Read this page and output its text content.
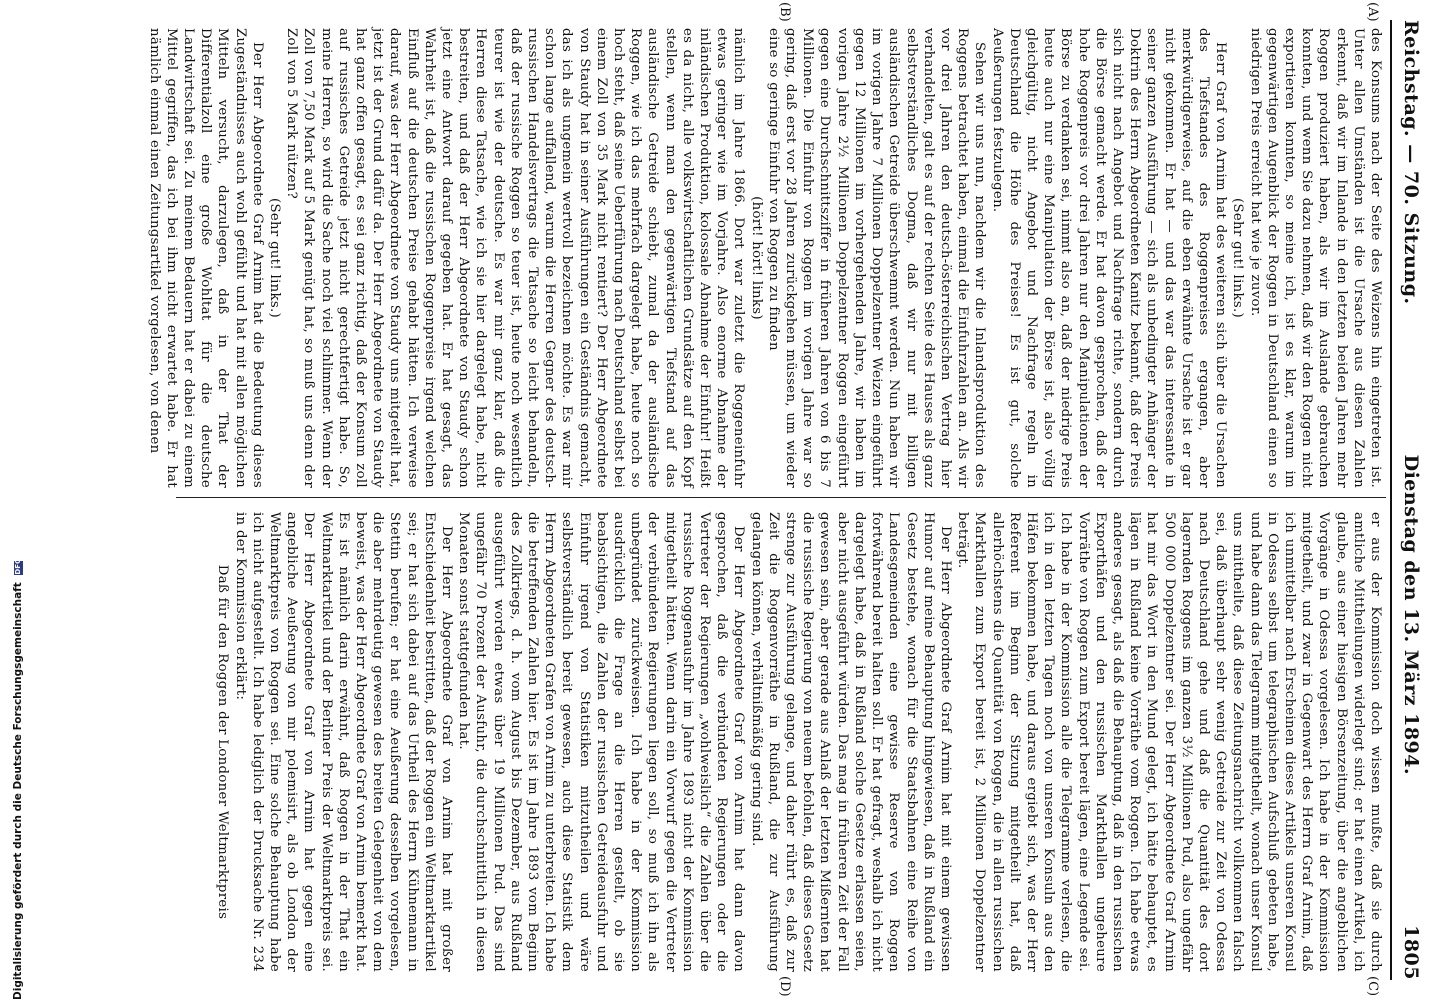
Digitalisierung gefördert durch die Deutsche Forschungsgemeinschaft DFG
Reichstag. — 70. Sitzung.
Dienstag den 13. März 1894.
1805
(A)
(B)
(C)
(D)

des Konsums nach der Seite des Weizens hin eingetreten ist. Unter allen Umständen ist die Ursache aus diesen Zahlen erkennt, daß wir im Inlande in den letzten beiden Jahren mehr Roggen produziert haben, als wir im Auslande gebrauchen konnten, und wenn Sie dazu nehmen, daß wir den Roggen nicht exportieren konnten, so meine ich, ist es klar, warum im gegenwärtigen Augenblick der Roggen in Deutschland einen so niedrigen Preis erreicht hat wie je zuvor.

(Sehr gut! links.)

Herr Graf von Arnim hat des weiteren sich über die Ursachen des Tiefstandes des Roggenpreises ergangen, aber merkwürdigerweise, auf die eben erwähnte Ursache ist er gar nicht gekommen. Er hat — und das war das interessante in seiner ganzen Ausführung — sich als unbedingter Anhänger der Doktrin des Herrn Abgeordneten Kanitz bekannt, daß der Preis sich nicht nach Angebot und Nachfrage richte, sondern durch die Börse gemacht werde. Er hat davon gesprochen, daß der hohe Roggenpreis vor drei Jahren nur den Manipulationen der Börse zu verdanken sei, nimmt also an, daß der niedrige Preis heute auch nur eine Manipulation der Börse ist, also völlig gleichgültig, nicht Angebot und Nachfrage regeln in Deutschland die Höhe des Preises! Es ist gut, solche Aeußerungen festzulegen.

Sehen wir uns nun, nachdem wir die Inlandsproduktion des Roggens betrachtet haben, einmal die Einfuhrzahlen an. Als wir vor drei Jahren den deutsch-österreichischen Vertrag hier verhandelten, galt es auf der rechten Seite des Hauses als ganz selbstverständliches Dogma, daß wir nur mit billigen ausländischen Getreide überschwemmt werden. Nun haben wir im vorigen Jahre 7 Millionen Doppelzentner Weizen eingeführt gegen 12 Millionen im vorhergehenden Jahre, wir haben im vorigen Jahre 2½ Millionen Doppelzentner Roggen eingeführt gegen eine Durchschnittsziffer in früheren Jahren von 6 bis 7 Millionen. Die Einfuhr von Roggen im vorigen Jahre war so gering, daß erst vor 28 Jahren zurückgehen müssen, um wieder eine so geringe Einfuhr von Roggen zu finden

(hört! hört! links)

nämlich im Jahre 1866. Dort war zuletzt die Roggeneinfuhr etwas geringer wie im Vorjahre. Also enorme Abnahme der inländischen Produktion, kolossale Abnahme der Einfuhr! Heißt es da nicht, alle volkswirtschaftlichen Grundsätze auf den Kopf stellen, wenn man den gegenwärtigen Tiefstand auf das ausländische Getreide schiebt, zumal da der ausländische Roggen, wie ich das mehrfach dargelegt habe, heute noch so hoch steht, daß seine Ueberführung nach Deutschland selbst bei einem Zoll von 35 Mark nicht rentiert? Der Herr Abgeordnete von Staudy hat in seiner Ausführungen ein Geständnis gemacht, das ich als ungemein wertvoll bezeichnen möchte. Es war mir schon lange auffallend, warum die Herren Gegner des deutsch-russischen Handelsvertrags die Tatsache so leicht behandeln, daß der russische Roggen so teuer ist, heute noch wesentlich teurer ist wie der deutsche. Es war mir ganz klar, daß die Herren diese Tatsache, wie ich sie hier dargelegt habe, nicht bestreiten, und daß der Herr Abgeordnete von Staudy schon jetzt eine Antwort darauf gegeben hat. Er hat gesagt, das Wahrheit ist, daß die russischen Roggenpreise irgend welchen Einfluß auf die deutschen Preise gehabt hätten. Ich verweise darauf, was der Herr Abgeordnete von Staudy uns mitgeteilt hat, jetzt ist der Grund dafür da. Der Herr Abgeordnete von Staudy hat ganz offen gesagt, es sei ganz richtig, daß der Konsum zoll auf russisches Getreide jetzt nicht gerechtfertigt habe. So, meine Herren, so wird die Sache noch viel schlimmer. Wenn der Zoll von 7,50 Mark auf 5 Mark genügt hat, so muß uns denn der Zoll von 5 Mark nützen?

(Sehr gut! links.)

Der Herr Abgeordnete Graf Arnim hat die Bedeutung dieses Zugeständnisses auch wohl gefühlt und hat mit allen möglichen Mitteln versucht, darzulegen, daß in der That der Differentialzoll eine große Wohltat für die deutsche Landwirtschaft sei. Zu meinem Bedauern hat er dabei zu einem Mittel gegriffen, das ich bei ihm nicht erwartet habe. Er hat nämlich einmal einen Zeitungsartikel vorgelesen, von denen

er aus der Kommission doch wissen mußte, daß sie durch amtliche Mittheilungen widerlegt sind; er hat einen Artikel, ich glaube, aus einer hiesigen Börsenzeitung, über die angeblichen Vorgänge in Odessa vorgelesen. Ich habe in der Kommission mitgetheilt, und zwar in Gegenwart des Herrn Graf Arnim, daß ich unmittelbar nach Erscheinen dieses Artikels unseren Konsul in Odessa selbst um telegraphischen Aufschluß gebeten habe, und habe dann das Telegramm mitgetheilt, wonach unser Konsul uns mittheilte, daß diese Zeitungsnachricht vollkommen falsch sei, daß überhaupt sehr wenig Getreide zur Zeit von Odessa nach Deutschland gehe und daß die Quantität des dort lagernden Roggens im ganzen 3½ Millionen Pud, also ungefähr 500 000 Doppelzentner sei. Der Herr Abgeordnete Graf Arnim hat mir das Wort in den Mund gelegt, ich hätte behauptet, es lägen in Rußland keine Vorräthe vom Roggen. Ich habe etwas anderes gesagt, als daß die Behauptung, daß in den russischen Exporthäfen und den russischen Markthallen ungeheure Vorräthe von Roggen zum Export bereit lägen, eine Legende sei. Ich habe in der Kommission alle die Telegramme verlesen, die ich in den letzten Tagen noch von unseren Konsuln aus den Häfen bekommen habe, und daraus ergiebt sich, was der Herr Referent im Beginn der Sitzung mitgetheilt hat, daß allerhöchstens die Quantität von Roggen, die in allen russischen Markthallen zum Export bereit ist, 2 Millionen Doppelzentner beträgt.

Der Herr Abgeordnete Graf Arnim hat mit einem gewissen Humor auf meine Behauptung hingewiesen, daß in Rußland ein Gesetz bestehe, wonach für die Staatsbahnen eine Reihe von Landesgemeinden eine gewisse Reserve von Roggen fortwährend bereit halten soll. Er hat gefragt, weshalb ich nicht dargelegt habe, daß in Rußland solche Gesetze erlassen seien, aber nicht ausgeführt würden. Das mag in früheren Zeit der Fall gewesen sein, aber gerade aus Anlaß der letzten Mißernten hat die russische Regierung von neuem befohlen, daß dieses Gesetz strenge zur Ausführung gelange, und daher rührt es, daß zur Zeit die Roggenvorräthe in Rußland, die zur Ausführung gelangen können, verhältnißmäßig gering sind.

Der Herr Abgeordnete Graf von Arnim hat dann davon gesprochen, daß die verbündeten Regierungen oder die Vertreter der Regierungen „wohlweislich“ die Zahlen über die russische Roggenausfuhr im Jahre 1893 nicht der Kommission mitgetheilt hätten. Wenn darin ein Vorwurf gegen die Vertreter der verbündeten Regierungen liegen soll, so muß ich ihn als unbegründet zurückweisen. Ich habe in der Kommission ausdrücklich die Frage an die Herren gestellt, ob sie beabsichtigen, die Zahlen der russischen Getreideausfuhr und Einfuhr irgend von Statistiken mitzutheilen und wäre selbstverständlich bereit gewesen, auch diese Statistik dem Herrn Abgeordneten Grafen von Arnim zu unterbreiten. Ich habe die betreffenden Zahlen hier. Es ist im Jahre 1893 vom Beginn des Zollkriegs, d. h. vom August bis Dezember, aus Rußland ausgeführt worden etwas über 19 Millionen Pud. Das sind ungefähr 70 Prozent der Ausfuhr, die durchschnittlich in diesen Monaten sonst stattgefunden hat.

Der Herr Abgeordnete Graf von Arnim hat mit großer Entschiedenheit bestritten, daß der Roggen ein Weltmarktartikel sei; er hat sich dabei auf das Urtheil des Herrn Kühnemann in Stettin berufen; er hat eine Aeußerung desselben vorgelesen, die aber mehrdeutig gewesen des breiten Gelegenheit von dem beweist, was der Herr Abgeordnete Graf von Arnim bemerkt hat. Es ist nämlich darin erwähnt, daß Roggen in der That ein Weltmarktartikel und der Berliner Preis der Weltmarktpreis sei. Der Herr Abgeordnete Graf von Arnim hat gegen eine angebliche Aeußerung von mir polemisirt, als ob London der Weltmarktpreis von Roggen sei. Eine solche Behauptung habe ich nicht aufgestellt. Ich habe lediglich der Drucksache Nr. 234 in der Kommission erklärt:

Daß für den Roggen der Londoner Weltmarktpreis
